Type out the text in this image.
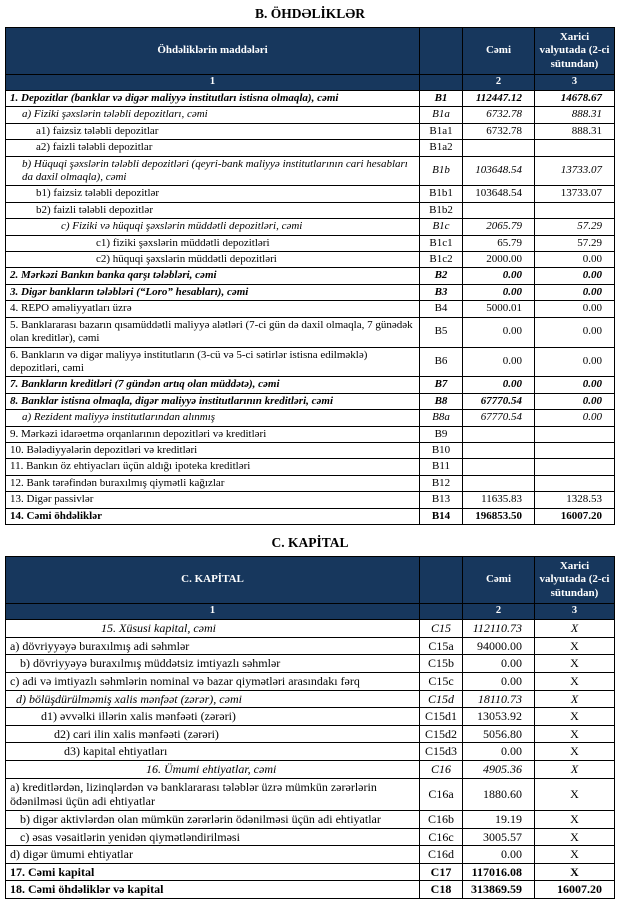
B. ÖHDƏLİKLƏR
Öhdəliklərin maddələri		Cəmi	Xarici valyutada (2-ci sütundan)
1		2	3
1. Depozitlar (banklar və digər maliyyə institutları istisna olmaqla), cəmi	B1	112447.12	14678.67
a) Fiziki şəxslərin tələbli depozitları, cəmi	B1a	6732.78	888.31
a1) faizsiz tələbli depozitlar	B1a1	6732.78	888.31
a2) faizli tələbli depozitlar	B1a2		
b) Hüquqi şəxslərin tələbli depozitləri (qeyri-bank maliyyə institutlarının cari hesabları da daxil olmaqla), cəmi	B1b	103648.54	13733.07
b1) faizsiz tələbli depozitlər	B1b1	103648.54	13733.07
b2) faizli tələbli depozitlər	B1b2		
c) Fiziki və hüquqi şəxslərin müddətli depozitləri, cəmi	B1c	2065.79	57.29
c1) fiziki şəxslərin müddətli depozitləri	B1c1	65.79	57.29
c2) hüquqi şəxslərin müddətli depozitləri	B1c2	2000.00	0.00
2. Mərkəzi Bankın banka qarşı tələbləri, cəmi	B2	0.00	0.00
3. Digər bankların tələbləri (“Loro” hesabları), cəmi	B3	0.00	0.00
4. REPO əməliyyatları üzrə	B4	5000.01	0.00
5. Banklararası bazarın qısamüddətli maliyyə alətləri (7-ci gün də daxil olmaqla, 7 günədək olan kreditlər), cəmi	B5	0.00	0.00
6. Bankların və digər maliyyə institutların (3-cü və 5-ci sətirlər istisna edilməklə) depozitləri, cəmi	B6	0.00	0.00
7. Bankların kreditləri (7 gündən artıq olan müddətə), cəmi	B7	0.00	0.00
8. Banklar istisna olmaqla, digər maliyyə institutlarının kreditləri, cəmi	B8	67770.54	0.00
a) Rezident maliyyə institutlarından alınmış	B8a	67770.54	0.00
9. Mərkəzi idarəetmə orqanlarının depozitləri və kreditləri	B9		
10. Bələdiyyələrin depozitləri və kreditləri	B10		
11. Bankın öz ehtiyacları üçün aldığı ipoteka kreditləri	B11		
12. Bank tərəfindən buraxılmış qiymətli kağızlar	B12		
13. Digər passivlər	B13	11635.83	1328.53
14. Cəmi öhdəliklər	B14	196853.50	16007.20
C. KAPİTAL
C. KAPİTAL		Cəmi	Xarici valyutada (2-ci sütundan)
1		2	3
15. Xüsusi kapital, cəmi	C15	112110.73	X
a) dövriyyəyə buraxılmış adi səhmlər	C15a	94000.00	X
b) dövriyyəyə buraxılmış müddətsiz imtiyazlı səhmlər	C15b	0.00	X
c) adi və imtiyazlı səhmlərin nominal və bazar qiymətləri arasındakı fərq	C15c	0.00	X
d) bölüşdürülməmiş xalis mənfəət (zərər), cəmi	C15d	18110.73	X
d1) əvvəlki illərin xalis mənfəəti (zərəri)	C15d1	13053.92	X
d2) cari ilin xalis mənfəəti (zərəri)	C15d2	5056.80	X
d3) kapital ehtiyatları	C15d3	0.00	X
16. Ümumi ehtiyatlar, cəmi	C16	4905.36	X
a) kreditlərdən, lizinqlərdən və banklararası tələblər üzrə mümkün zərərlərin ödənilməsi üçün adi ehtiyatlar	C16a	1880.60	X
b) digər aktivlərdən olan mümkün zərərlərin ödənilməsi üçün adi ehtiyatlar	C16b	19.19	X
c) əsas vəsaitlərin yenidən qiymətləndirilməsi	C16c	3005.57	X
d) digər ümumi ehtiyatlar	C16d	0.00	X
17. Cəmi kapital	C17	117016.08	X
18. Cəmi öhdəliklər və kapital	C18	313869.59	16007.20
